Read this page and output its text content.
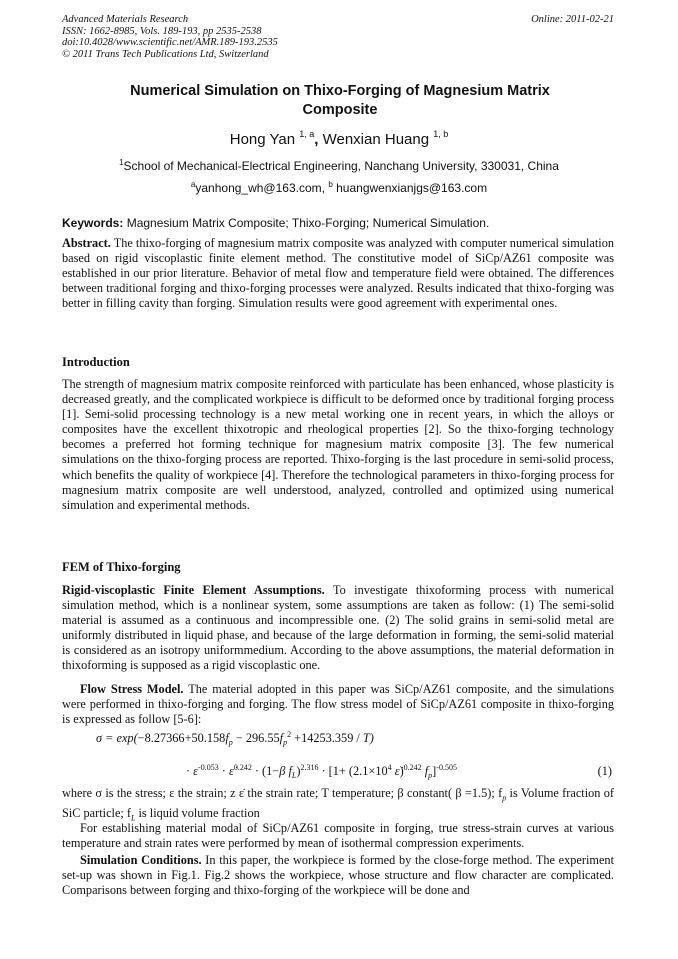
Advanced Materials Research
ISSN: 1662-8985, Vols. 189-193, pp 2535-2538
doi:10.4028/www.scientific.net/AMR.189-193.2535
© 2011 Trans Tech Publications Ltd, Switzerland
Online: 2011-02-21
Numerical Simulation on Thixo-Forging of Magnesium Matrix
Composite
Hong Yan $^{1, a}$, Wenxian Huang $^{1, b}$
$^1$School of Mechanical-Electrical Engineering, Nanchang University, 330031, China
$^a$yanhong_wh@163.com, $^b$ huangwenxianjgs@163.com
Keywords: Magnesium Matrix Composite; Thixo-Forging; Numerical Simulation.
Abstract. The thixo-forging of magnesium matrix composite was analyzed with computer numerical simulation based on rigid viscoplastic finite element method. The constitutive model of SiCp/AZ61 composite was established in our prior literature. Behavior of metal flow and temperature field were obtained. The differences between traditional forging and thixo-forging processes were analyzed. Results indicated that thixo-forging was better in filling cavity than forging. Simulation results were good agreement with experimental ones.
Introduction
The strength of magnesium matrix composite reinforced with particulate has been enhanced, whose plasticity is decreased greatly, and the complicated workpiece is difficult to be deformed once by traditional forging process [1]. Semi-solid processing technology is a new metal working one in recent years, in which the alloys or composites have the excellent thixotropic and rheological properties [2]. So the thixo-forging technology becomes a preferred hot forming technique for magnesium matrix composite [3]. The few numerical simulations on the thixo-forging process are reported. Thixo-forging is the last procedure in semi-solid process, which benefits the quality of workpiece [4]. Therefore the technological parameters in thixo-forging process for magnesium matrix composite are well understood, analyzed, controlled and optimized using numerical simulation and experimental methods.
FEM of Thixo-forging
Rigid-viscoplastic Finite Element Assumptions. To investigate thixoforming process with numerical simulation method, which is a nonlinear system, some assumptions are taken as follow: (1) The semi-solid material is assumed as a continuous and incompressible one. (2) The solid grains in semi-solid metal are uniformly distributed in liquid phase, and because of the large deformation in forming, the semi-solid material is considered as an isotropy uniformmedium. According to the above assumptions, the material deformation in thixoforming is supposed as a rigid viscoplastic one.
Flow Stress Model. The material adopted in this paper was SiCp/AZ61 composite, and the simulations were performed in thixo-forging and forging. The flow stress model of SiCp/AZ61 composite in thixo-forging is expressed as follow [5-6]:
$\sigma = \exp(-8.27366+50.158f_p - 296.55f_p^2 +14253.359 / T)$
· $\varepsilon^{-0.053}$ · ε̇$^{0.242}$ · (1−β $f_L)^{2.316} \cdot [1+ (2.1\times 10^4$ ε̇)$^{0.242}$ $f_p]^{-0.505}$	(1)
where σ is the stress; ε the strain; z ε̇ the strain rate; T temperature; β constant( β =1.5); $f_p$ is Volume fraction of SiC particle; $f_L$ is liquid volume fraction
For establishing material modal of SiCp/AZ61 composite in forging, true stress-strain curves at various temperature and strain rates were performed by mean of isothermal compression experiments.
Simulation Conditions. In this paper, the workpiece is formed by the close-forge method. The experiment set-up was shown in Fig.1. Fig.2 shows the workpiece, whose structure and flow character are complicated. Comparisons between forging and thixo-forging of the workpiece will be done and
